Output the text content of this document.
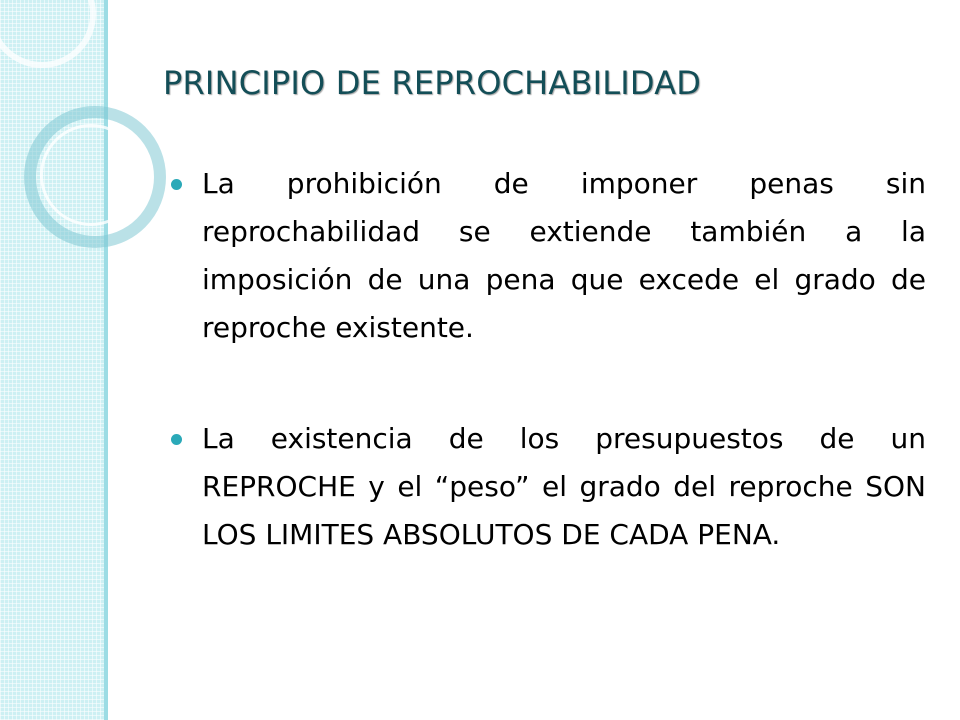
PRINCIPIO DE REPROCHABILIDAD
La prohibición de imponer penas sin reprochabilidad se extiende también a la imposición de una pena que excede el grado de reproche existente.
La existencia de los presupuestos de un REPROCHE y el “peso” el grado del reproche SON LOS LIMITES ABSOLUTOS DE CADA PENA.
